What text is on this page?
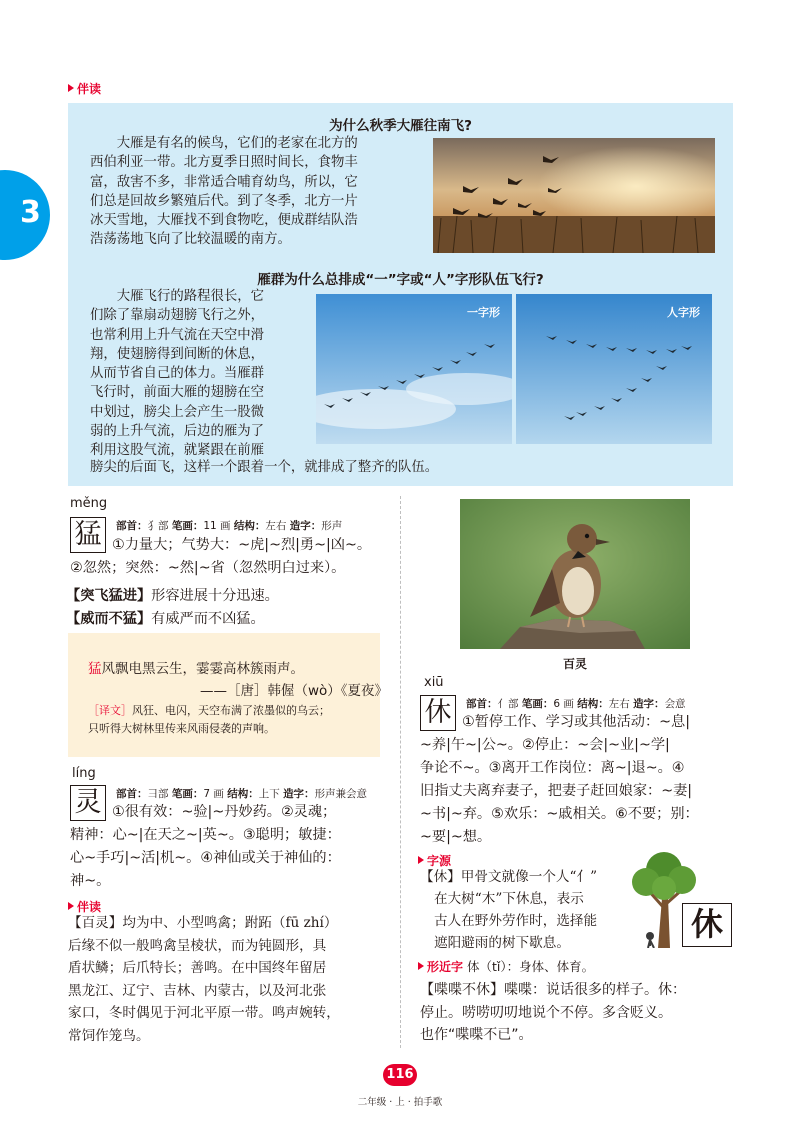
伴读
3
为什么秋季大雁往南飞?
　　大雁是有名的候鸟，它们的老家在北方的
西伯利亚一带。北方夏季日照时间长，食物丰
富，敌害不多，非常适合哺育幼鸟，所以，它
们总是回故乡繁殖后代。到了冬季，北方一片
冰天雪地，大雁找不到食物吃，便成群结队浩
浩荡荡地飞向了比较温暖的南方。
雁群为什么总排成“一”字或“人”字形队伍飞行?
　　大雁飞行的路程很长，它
们除了靠扇动翅膀飞行之外，
也常利用上升气流在天空中滑
翔，使翅膀得到间断的休息，
从而节省自己的体力。当雁群
飞行时，前面大雁的翅膀在空
中划过，膀尖上会产生一股微
弱的上升气流，后边的雁为了
利用这股气流，就紧跟在前雁
膀尖的后面飞，这样一个跟着一个，就排成了整齐的队伍。
一字形	人字形
měng
猛	部首：犭部 笔画：11 画 结构：左右 造字：形声
①力量大；气势大：~虎|~烈|勇~|凶~。
②忽然；突然：~然|~省（忽然明白过来）。
【突飞猛进】形容进展十分迅速。
【威而不猛】有威严而不凶猛。
猛风飘电黑云生，霎霎高林簇雨声。
——［唐］韩偓（wò）《夏夜》
［译文］风狂、电闪，天空布满了浓墨似的乌云；
只听得大树林里传来风雨侵袭的声响。
líng
灵	部首：彐部 笔画：7 画 结构：上下 造字：形声兼会意
①很有效：~验|~丹妙药。②灵魂；
精神：心~|在天之~|英~。③聪明；敏捷：
心~手巧|~活|机~。④神仙或关于神仙的：
神~。
伴读
【百灵】均为中、小型鸣禽；跗跖（fū zhí）
后缘不似一般鸣禽呈棱状，而为钝圆形，具
盾状鳞；后爪特长；善鸣。在中国终年留居
黑龙江、辽宁、吉林、内蒙古，以及河北张
家口，冬时偶见于河北平原一带。鸣声婉转，
常饲作笼鸟。
百灵
xiū
休	部首：亻部 笔画：6 画 结构：左右 造字：会意
①暂停工作、学习或其他活动：~息|
~养|午~|公~。②停止：~会|~业|~学|
争论不~。③离开工作岗位：离~|退~。④
旧指丈夫离弃妻子，把妻子赶回娘家：~妻|
~书|~弃。⑤欢乐：~戚相关。⑥不要；别：
~要|~想。
字源
【休】甲骨文就像一个人“亻”
在大树“木”下休息，表示
古人在野外劳作时，选择能
遮阳避雨的树下歇息。	休
形近字 体（tǐ）：身体、体育。
【喋喋不休】喋喋：说话很多的样子。休：
停止。唠唠叨叨地说个不停。多含贬义。
也作“喋喋不已”。
116
二年级 · 上 · 拍手歌
